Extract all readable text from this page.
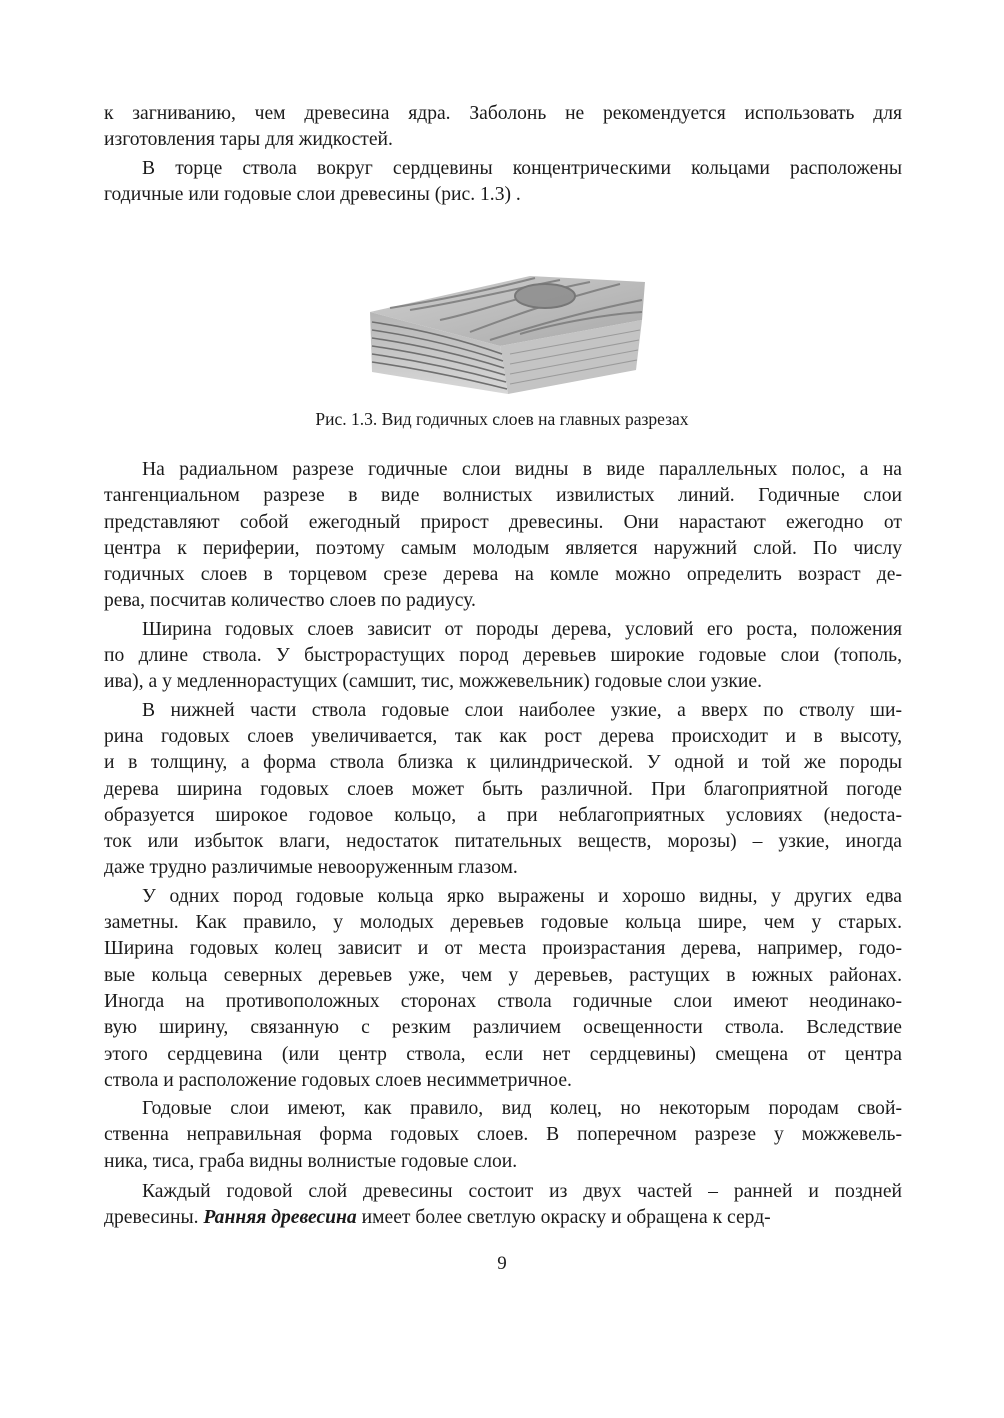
к загниванию, чем древесина ядра. Заболонь не рекомендуется использовать для
изготовления тары для жидкостей.
В торце ствола вокруг сердцевины концентрическими кольцами расположены
годичные или годовые слои древесины (рис. 1.3) .
Рис. 1.3. Вид годичных слоев на главных разрезах
На радиальном разрезе годичные слои видны в виде параллельных полос, а на
тангенциальном разрезе в виде волнистых извилистых линий. Годичные слои
представляют собой ежегодный прирост древесины. Они нарастают ежегодно от
центра к периферии, поэтому самым молодым является наружний слой. По числу
годичных слоев в торцевом срезе дерева на комле можно определить возраст де-
рева, посчитав количество слоев по радиусу.
Ширина годовых слоев зависит от породы дерева, условий его роста, положения
по длине ствола. У быстрорастущих пород деревьев широкие годовые слои (тополь,
ива), а у медленнорастущих (самшит, тис, можжевельник) годовые слои узкие.
В нижней части ствола годовые слои наиболее узкие, а вверх по стволу ши-
рина годовых слоев увеличивается, так как рост дерева происходит и в высоту,
и в толщину, а форма ствола близка к цилиндрической. У одной и той же породы
дерева ширина годовых слоев может быть различной. При благоприятной погоде
образуется широкое годовое кольцо, а при неблагоприятных условиях (недоста-
ток или избыток влаги, недостаток питательных веществ, морозы) – узкие, иногда
даже трудно различимые невооруженным глазом.
У одних пород годовые кольца ярко выражены и хорошо видны, у других едва
заметны. Как правило, у молодых деревьев годовые кольца шире, чем у старых.
Ширина годовых колец зависит и от места произрастания дерева, например, годо-
вые кольца северных деревьев уже, чем у деревьев, растущих в южных районах.
Иногда на противоположных сторонах ствола годичные слои имеют неодинако-
вую ширину, связанную с резким различием освещенности ствола. Вследствие
этого сердцевина (или центр ствола, если нет сердцевины) смещена от центра
ствола и расположение годовых слоев несимметричное.
Годовые слои имеют, как правило, вид колец, но некоторым породам свой-
ственна неправильная форма годовых слоев. В поперечном разрезе у можжевель-
ника, тиса, граба видны волнистые годовые слои.
Каждый годовой слой древесины состоит из двух частей – ранней и поздней
древесины. Ранняя древесина имеет более светлую окраску и обращена к серд-
9
